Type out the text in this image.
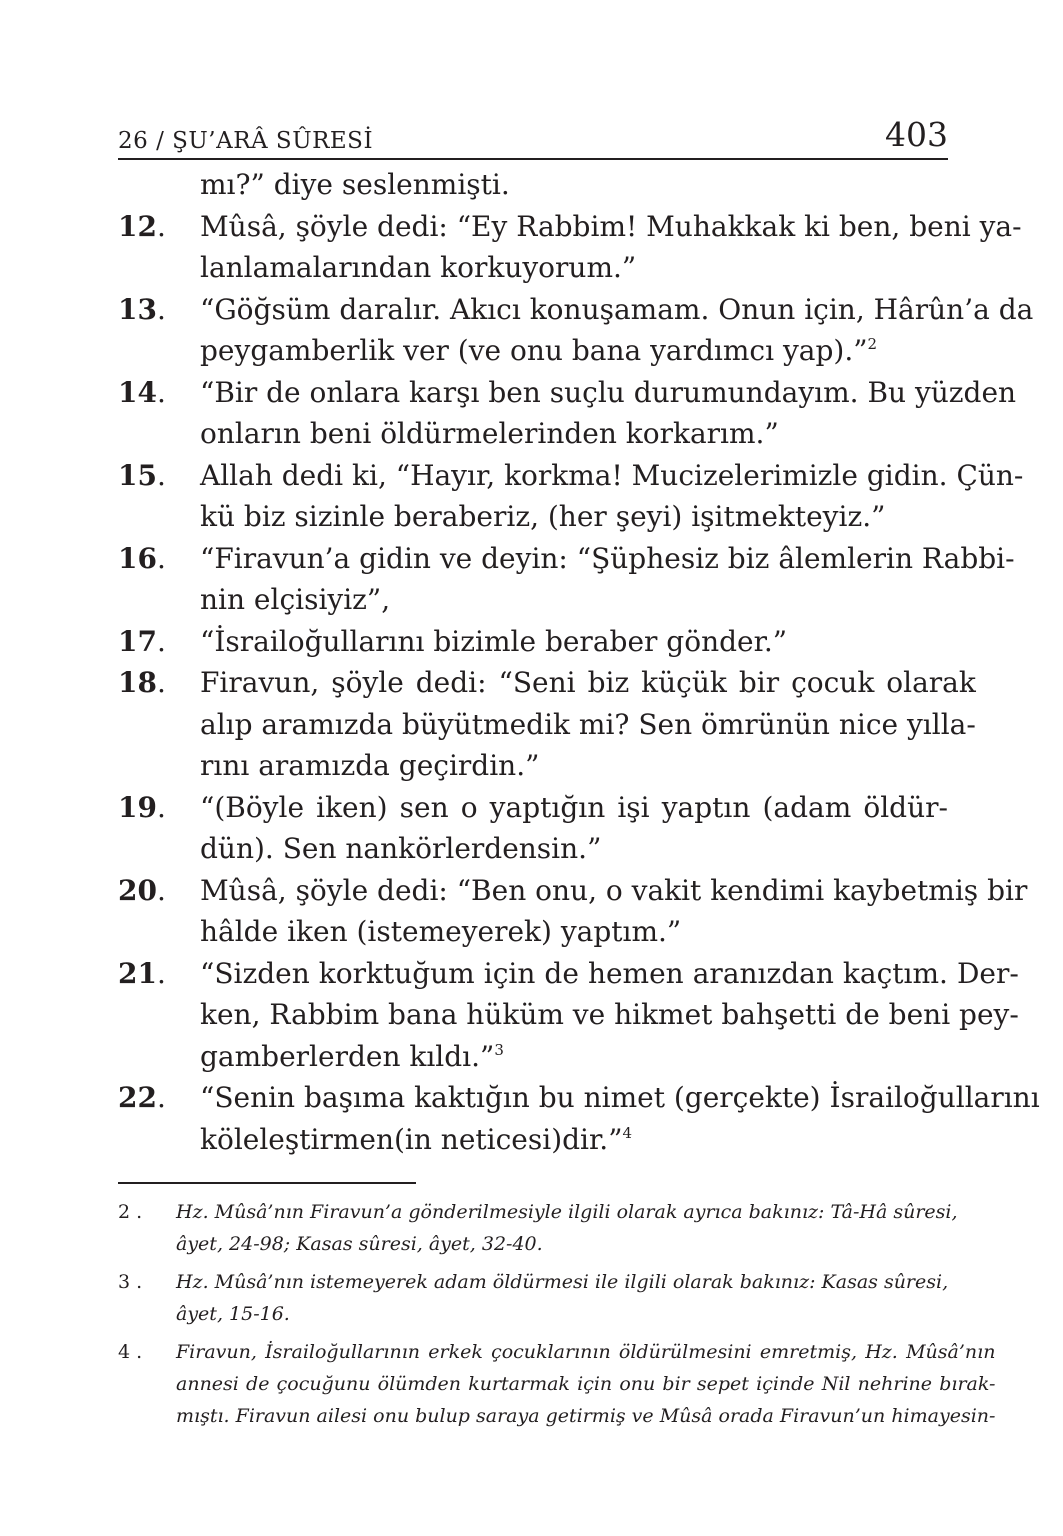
26 / ŞU’ARÂ SÛRESİ	403
mı?” diye seslenmişti.
12.	Mûsâ, şöyle dedi: “Ey Rabbim! Muhakkak ki ben, beni ya-
lanlamalarından korkuyorum.”
13.	“Göğsüm daralır. Akıcı konuşamam. Onun için, Hârûn’a da
peygamberlik ver (ve onu bana yardımcı yap).”$^2$
14.	“Bir de onlara karşı ben suçlu durumundayım. Bu yüzden
onların beni öldürmelerinden korkarım.”
15.	Allah dedi ki, “Hayır, korkma! Mucizelerimizle gidin. Çün-
kü biz sizinle beraberiz, (her şeyi) işitmekteyiz.”
16.	“Firavun’a gidin ve deyin: “Şüphesiz biz âlemlerin Rabbi-
nin elçisiyiz”,
17.	“İsrailoğullarını bizimle beraber gönder.”
18.	Firavun, şöyle dedi: “Seni biz küçük bir çocuk olarak
alıp aramızda büyütmedik mi? Sen ömrünün nice yılla-
rını aramızda geçirdin.”
19.	“(Böyle iken) sen o yaptığın işi yaptın (adam öldür-
dün). Sen nankörlerdensin.”
20.	Mûsâ, şöyle dedi: “Ben onu, o vakit kendimi kaybetmiş bir
hâlde iken (istemeyerek) yaptım.”
21.	“Sizden korktuğum için de hemen aranızdan kaçtım. Der-
ken, Rabbim bana hüküm ve hikmet bahşetti de beni pey-
gamberlerden kıldı.”$^3$
22.	“Senin başıma kaktığın bu nimet (gerçekte) İsrailoğullarını
köleleştirmen(in neticesi)dir.”$^4$
2 .	Hz. Mûsâ’nın Firavun’a gönderilmesiyle ilgili olarak ayrıca bakınız: Tâ-Hâ sûresi,
âyet, 24-98; Kasas sûresi, âyet, 32-40.
3 .	Hz. Mûsâ’nın istemeyerek adam öldürmesi ile ilgili olarak bakınız: Kasas sûresi,
âyet, 15-16.
4 .	Firavun, İsrailoğullarının erkek çocuklarının öldürülmesini emretmiş, Hz. Mûsâ’nın
annesi de çocuğunu ölümden kurtarmak için onu bir sepet içinde Nil nehrine bırak-
mıştı. Firavun ailesi onu bulup saraya getirmiş ve Mûsâ orada Firavun’un himayesin-
